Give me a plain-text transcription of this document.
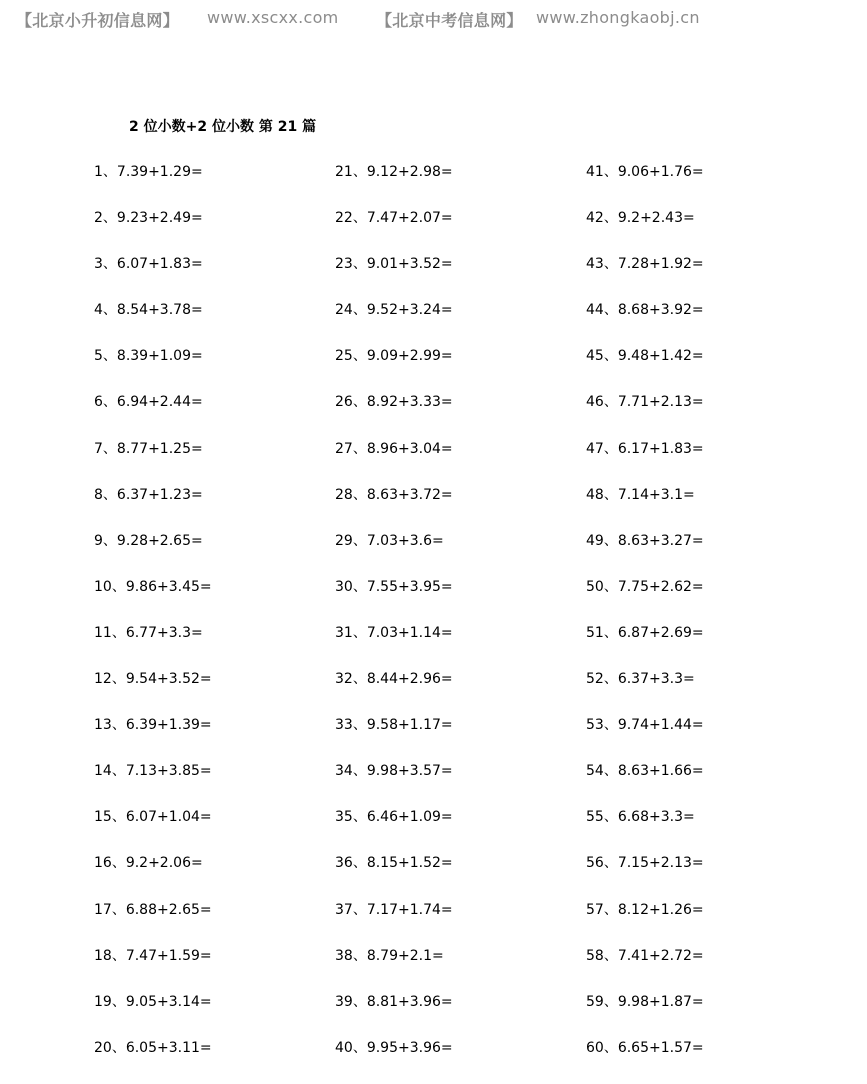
【北京小升初信息网】 www.xscxx.com 【北京中考信息网】 www.zhongkaobj.cn
2 位小数+2 位小数 第 21 篇
1、7.39+1.29=
2、9.23+2.49=
3、6.07+1.83=
4、8.54+3.78=
5、8.39+1.09=
6、6.94+2.44=
7、8.77+1.25=
8、6.37+1.23=
9、9.28+2.65=
10、9.86+3.45=
11、6.77+3.3=
12、9.54+3.52=
13、6.39+1.39=
14、7.13+3.85=
15、6.07+1.04=
16、9.2+2.06=
17、6.88+2.65=
18、7.47+1.59=
19、9.05+3.14=
20、6.05+3.11=
21、9.12+2.98=
22、7.47+2.07=
23、9.01+3.52=
24、9.52+3.24=
25、9.09+2.99=
26、8.92+3.33=
27、8.96+3.04=
28、8.63+3.72=
29、7.03+3.6=
30、7.55+3.95=
31、7.03+1.14=
32、8.44+2.96=
33、9.58+1.17=
34、9.98+3.57=
35、6.46+1.09=
36、8.15+1.52=
37、7.17+1.74=
38、8.79+2.1=
39、8.81+3.96=
40、9.95+3.96=
41、9.06+1.76=
42、9.2+2.43=
43、7.28+1.92=
44、8.68+3.92=
45、9.48+1.42=
46、7.71+2.13=
47、6.17+1.83=
48、7.14+3.1=
49、8.63+3.27=
50、7.75+2.62=
51、6.87+2.69=
52、6.37+3.3=
53、9.74+1.44=
54、8.63+1.66=
55、6.68+3.3=
56、7.15+2.13=
57、8.12+1.26=
58、7.41+2.72=
59、9.98+1.87=
60、6.65+1.57=
